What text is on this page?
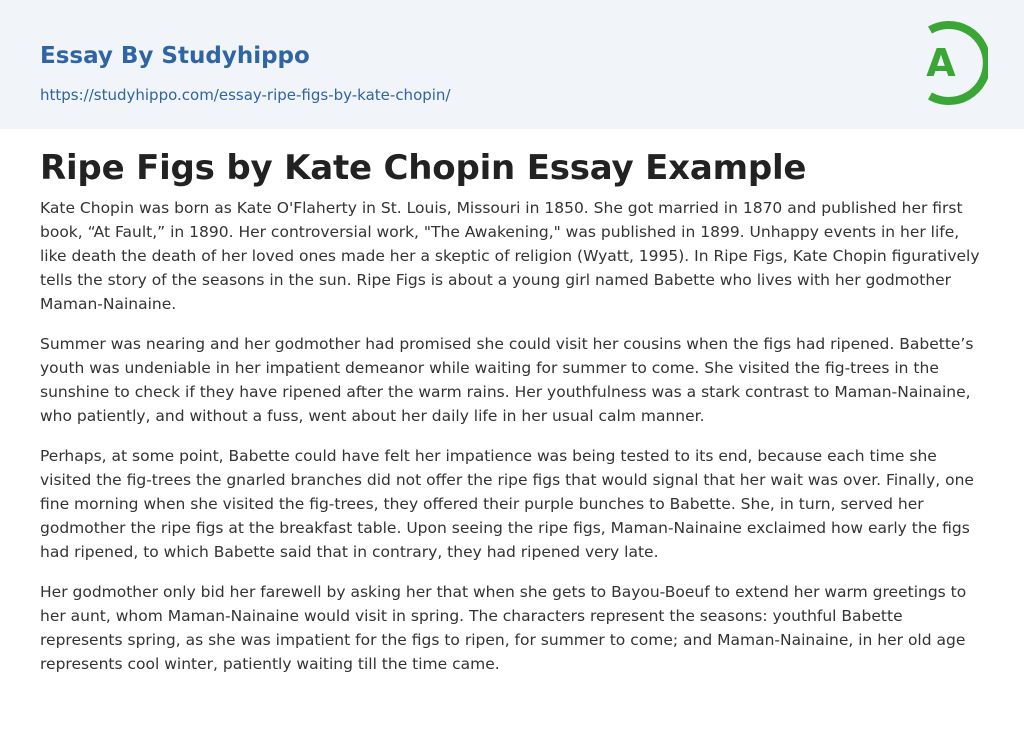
Essay By Studyhippo
https://studyhippo.com/essay-ripe-figs-by-kate-chopin/
A
Ripe Figs by Kate Chopin Essay Example

Kate Chopin was born as Kate O'Flaherty in St. Louis, Missouri in 1850. She got married in 1870 and published her first book, “At Fault,” in 1890. Her controversial work, "The Awakening," was published in 1899. Unhappy events in her life, like death the death of her loved ones made her a skeptic of religion (Wyatt, 1995). In Ripe Figs, Kate Chopin figuratively tells the story of the seasons in the sun. Ripe Figs is about a young girl named Babette who lives with her godmother Maman-Nainaine.

Summer was nearing and her godmother had promised she could visit her cousins when the figs had ripened. Babette’s youth was undeniable in her impatient demeanor while waiting for summer to come. She visited the fig-trees in the sunshine to check if they have ripened after the warm rains. Her youthfulness was a stark contrast to Maman-Nainaine, who patiently, and without a fuss, went about her daily life in her usual calm manner.

Perhaps, at some point, Babette could have felt her impatience was being tested to its end, because each time she visited the fig-trees the gnarled branches did not offer the ripe figs that would signal that her wait was over. Finally, one fine morning when she visited the fig-trees, they offered their purple bunches to Babette. She, in turn, served her godmother the ripe figs at the breakfast table. Upon seeing the ripe figs, Maman-Nainaine exclaimed how early the figs had ripened, to which Babette said that in contrary, they had ripened very late.

Her godmother only bid her farewell by asking her that when she gets to Bayou-Boeuf to extend her warm greetings to her aunt, whom Maman-Nainaine would visit in spring. The characters represent the seasons: youthful Babette represents spring, as she was impatient for the figs to ripen, for summer to come; and Maman-Nainaine, in her old age represents cool winter, patiently waiting till the time came.
